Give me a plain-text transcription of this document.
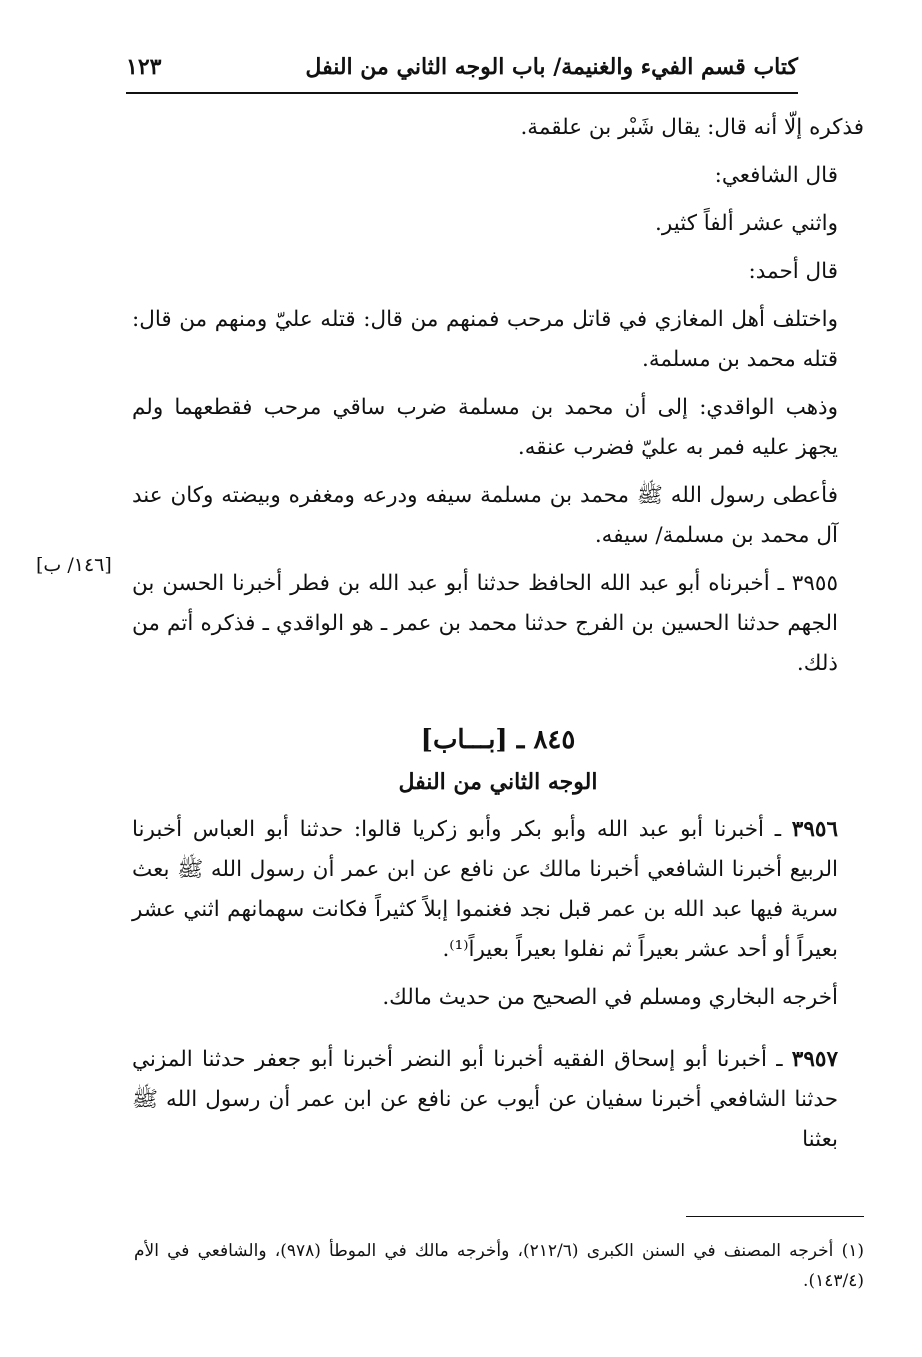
كتاب قسم الفيء والغنيمة/ باب الوجه الثاني من النفل
١٢٣
[١٤٦/ ب]

فذكره إلّا أنه قال: يقال شَبْر بن علقمة.

قال الشافعي:

واثني عشر ألفاً كثير.

قال أحمد:

واختلف أهل المغازي في قاتل مرحب فمنهم من قال: قتله عليّ ومنهم من قال: قتله محمد بن مسلمة.

وذهب الواقدي: إلى أن محمد بن مسلمة ضرب ساقي مرحب فقطعهما ولم يجهز عليه فمر به عليّ فضرب عنقه.

فأعطى رسول الله ﷺ محمد بن مسلمة سيفه ودرعه ومغفره وبيضته وكان عند آل محمد بن مسلمة/ سيفه.

٣٩٥٥ ـ أخبرناه أبو عبد الله الحافظ حدثنا أبو عبد الله بن فطر أخبرنا الحسن بن الجهم حدثنا الحسين بن الفرج حدثنا محمد بن عمر ـ هو الواقدي ـ فذكره أتم من ذلك.

٨٤٥ ـ [بـــاب]
الوجه الثاني من النفل

٣٩٥٦ ـ أخبرنا أبو عبد الله وأبو بكر وأبو زكريا قالوا: حدثنا أبو العباس أخبرنا الربيع أخبرنا الشافعي أخبرنا مالك عن نافع عن ابن عمر أن رسول الله ﷺ بعث سرية فيها عبد الله بن عمر قبل نجد فغنموا إبلاً كثيراً فكانت سهمانهم اثني عشر بعيراً أو أحد عشر بعيراً ثم نفلوا بعيراً بعيراً⁽¹⁾.

أخرجه البخاري ومسلم في الصحيح من حديث مالك.

٣٩٥٧ ـ أخبرنا أبو إسحاق الفقيه أخبرنا أبو النضر أخبرنا أبو جعفر حدثنا المزني حدثنا الشافعي أخبرنا سفيان عن أيوب عن نافع عن ابن عمر أن رسول الله ﷺ بعثنا

(١) أخرجه المصنف في السنن الكبرى (٢١٢/٦)، وأخرجه مالك في الموطأ (٩٧٨)، والشافعي في الأم (١٤٣/٤).
